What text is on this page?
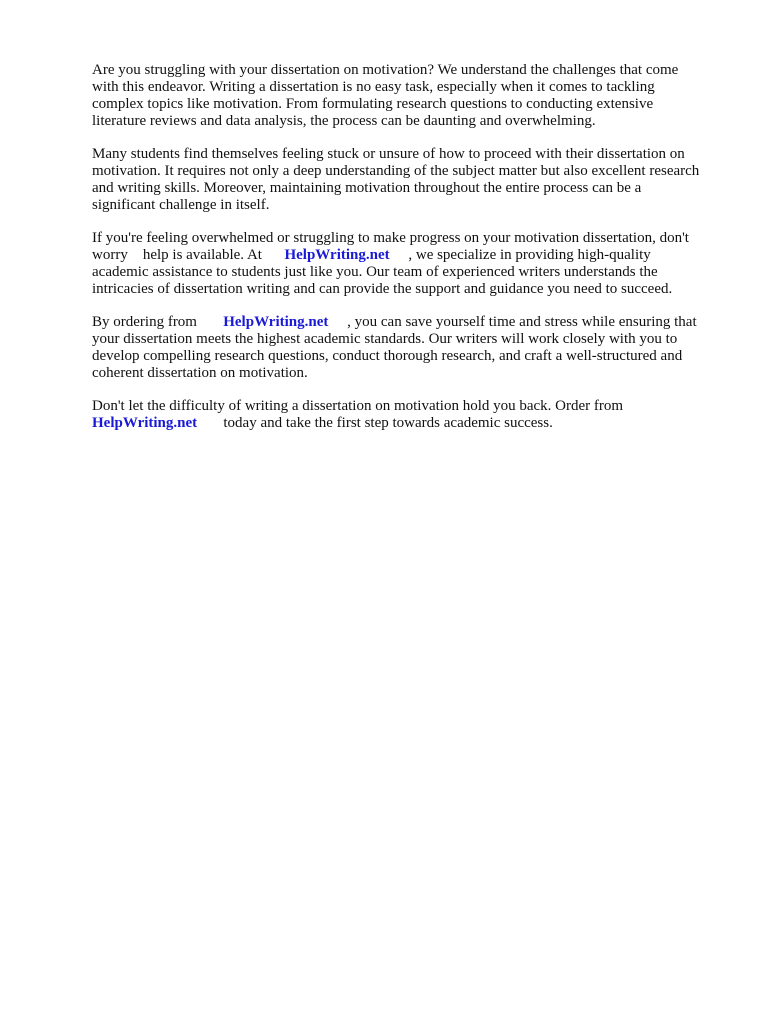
Are you struggling with your dissertation on motivation? We understand the challenges that come

with this endeavor. Writing a dissertation is no easy task, especially when it comes to tackling

complex topics like motivation. From formulating research questions to conducting extensive

literature reviews and data analysis, the process can be daunting and overwhelming.

Many students find themselves feeling stuck or unsure of how to proceed with their dissertation on

motivation. It requires not only a deep understanding of the subject matter but also excellent research

and writing skills. Moreover, maintaining motivation throughout the entire process can be a

significant challenge in itself.

If you're feeling overwhelmed or struggling to make progress on your motivation dissertation, don't

worry    help is available. At      HelpWriting.net     , we specialize in providing high-quality

academic assistance to students just like you. Our team of experienced writers understands the

intricacies of dissertation writing and can provide the support and guidance you need to succeed.

By ordering from       HelpWriting.net     , you can save yourself time and stress while ensuring that

your dissertation meets the highest academic standards. Our writers will work closely with you to

develop compelling research questions, conduct thorough research, and craft a well-structured and

coherent dissertation on motivation.

Don't let the difficulty of writing a dissertation on motivation hold you back. Order from

HelpWriting.net       today and take the first step towards academic success.
